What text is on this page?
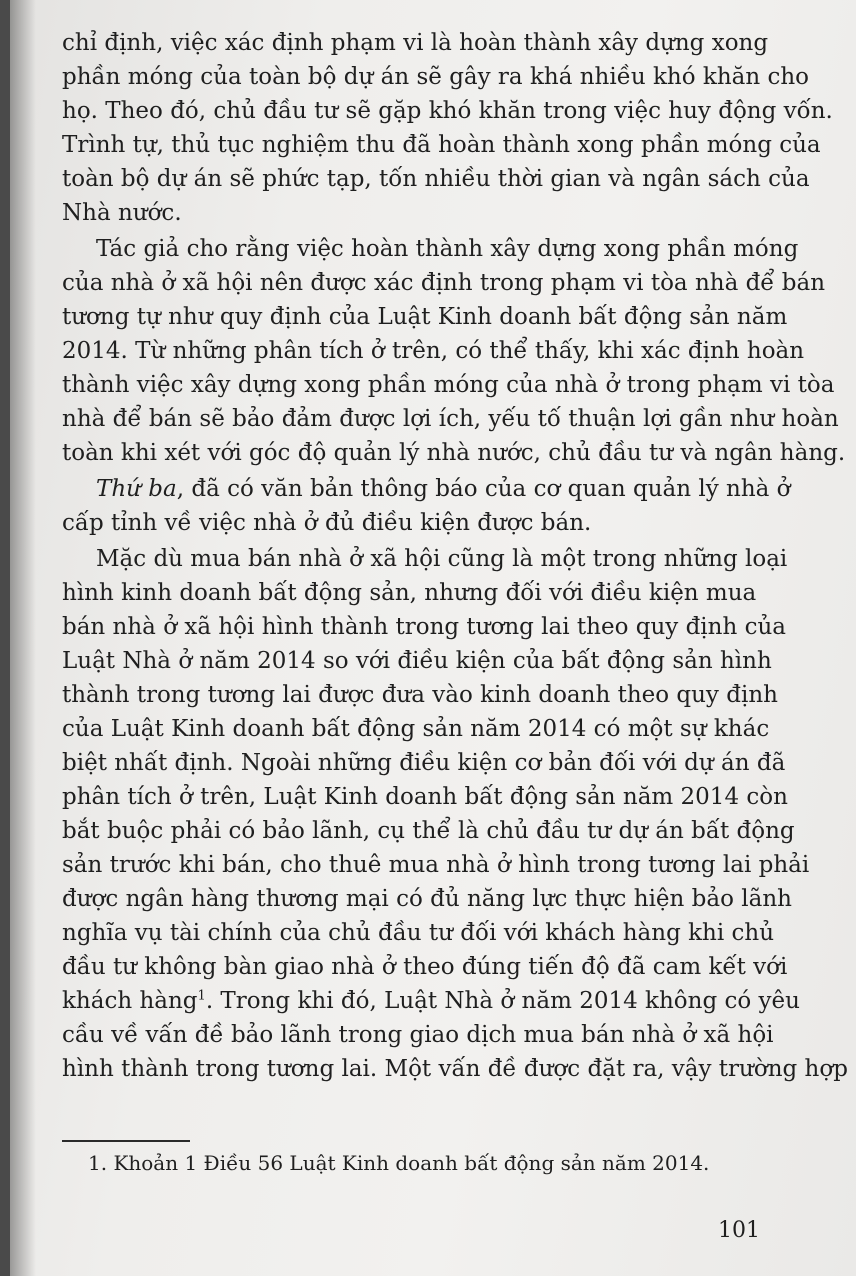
chỉ định, việc xác định phạm vi là hoàn thành xây dựng xong
phần móng của toàn bộ dự án sẽ gây ra khá nhiều khó khăn cho
họ. Theo đó, chủ đầu tư sẽ gặp khó khăn trong việc huy động vốn.
Trình tự, thủ tục nghiệm thu đã hoàn thành xong phần móng của
toàn bộ dự án sẽ phức tạp, tốn nhiều thời gian và ngân sách của
Nhà nước.
Tác giả cho rằng việc hoàn thành xây dựng xong phần móng
của nhà ở xã hội nên được xác định trong phạm vi tòa nhà để bán
tương tự như quy định của Luật Kinh doanh bất động sản năm
2014. Từ những phân tích ở trên, có thể thấy, khi xác định hoàn
thành việc xây dựng xong phần móng của nhà ở trong phạm vi tòa
nhà để bán sẽ bảo đảm được lợi ích, yếu tố thuận lợi gần như hoàn
toàn khi xét với góc độ quản lý nhà nước, chủ đầu tư và ngân hàng.
Thứ ba, đã có văn bản thông báo của cơ quan quản lý nhà ở
cấp tỉnh về việc nhà ở đủ điều kiện được bán.
Mặc dù mua bán nhà ở xã hội cũng là một trong những loại
hình kinh doanh bất động sản, nhưng đối với điều kiện mua
bán nhà ở xã hội hình thành trong tương lai theo quy định của
Luật Nhà ở năm 2014 so với điều kiện của bất động sản hình
thành trong tương lai được đưa vào kinh doanh theo quy định
của Luật Kinh doanh bất động sản năm 2014 có một sự khác
biệt nhất định. Ngoài những điều kiện cơ bản đối với dự án đã
phân tích ở trên, Luật Kinh doanh bất động sản năm 2014 còn
bắt buộc phải có bảo lãnh, cụ thể là chủ đầu tư dự án bất động
sản trước khi bán, cho thuê mua nhà ở hình trong tương lai phải
được ngân hàng thương mại có đủ năng lực thực hiện bảo lãnh
nghĩa vụ tài chính của chủ đầu tư đối với khách hàng khi chủ
đầu tư không bàn giao nhà ở theo đúng tiến độ đã cam kết với
khách hàng$^1$. Trong khi đó, Luật Nhà ở năm 2014 không có yêu
cầu về vấn đề bảo lãnh trong giao dịch mua bán nhà ở xã hội
hình thành trong tương lai. Một vấn đề được đặt ra, vậy trường hợp
1. Khoản 1 Điều 56 Luật Kinh doanh bất động sản năm 2014.
101
